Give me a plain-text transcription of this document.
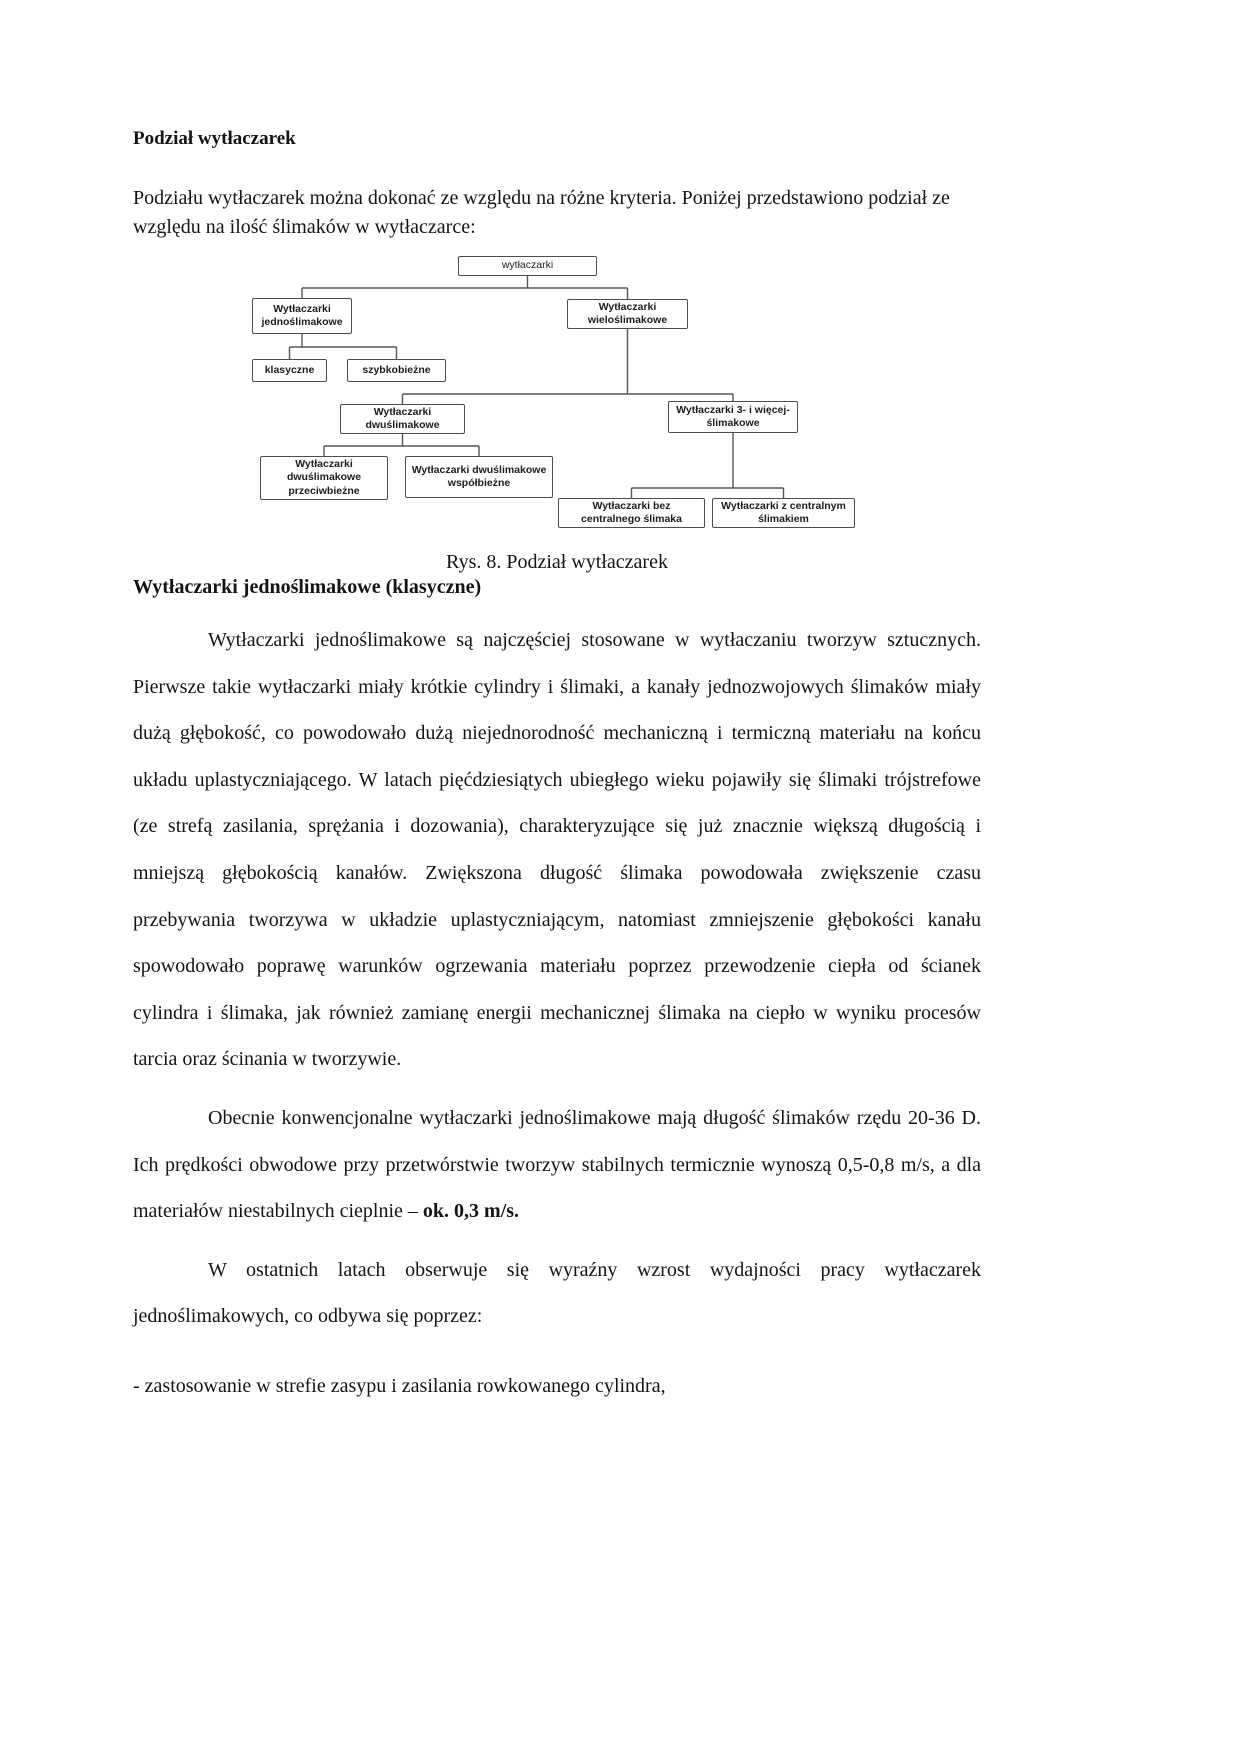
Podział wytłaczarek

Podziału wytłaczarek można dokonać ze względu na różne kryteria. Poniżej przedstawiono podział ze względu na ilość ślimaków w wytłaczarce:

wytłaczarki
Wytłaczarki jednoślimakowe
Wytłaczarki wieloślimakowe
klasyczne	szybkobieżne
Wytłaczarki dwuślimakowe
Wytłaczarki 3- i więcej-ślimakowe
Wytłaczarki dwuślimakowe przeciwbieżne
Wytłaczarki dwuślimakowe współbieżne
Wytłaczarki bez centralnego ślimaka
Wytłaczarki z centralnym ślimakiem
Rys. 8. Podział wytłaczarek
Wytłaczarki jednoślimakowe (klasyczne)

Wytłaczarki jednoślimakowe są najczęściej stosowane w wytłaczaniu tworzyw sztucznych. Pierwsze takie wytłaczarki miały krótkie cylindry i ślimaki, a kanały jednozwojowych ślimaków miały dużą głębokość, co powodowało dużą niejednorodność mechaniczną i termiczną materiału na końcu układu uplastyczniającego. W latach pięćdziesiątych ubiegłego wieku pojawiły się ślimaki trójstrefowe (ze strefą zasilania, sprężania i dozowania), charakteryzujące się już znacznie większą długością i mniejszą głębokością kanałów. Zwiększona długość ślimaka powodowała zwiększenie czasu przebywania tworzywa w układzie uplastyczniającym, natomiast zmniejszenie głębokości kanału spowodowało poprawę warunków ogrzewania materiału poprzez przewodzenie ciepła od ścianek cylindra i ślimaka, jak również zamianę energii mechanicznej ślimaka na ciepło w wyniku procesów tarcia oraz ścinania w tworzywie.

Obecnie konwencjonalne wytłaczarki jednoślimakowe mają długość ślimaków rzędu 20-36 D. Ich prędkości obwodowe przy przetwórstwie tworzyw stabilnych termicznie wynoszą 0,5-0,8 m/s, a dla materiałów niestabilnych cieplnie – ok. 0,3 m/s.

W ostatnich latach obserwuje się wyraźny wzrost wydajności pracy wytłaczarek jednoślimakowych, co odbywa się poprzez:

- zastosowanie w strefie zasypu i zasilania rowkowanego cylindra,
